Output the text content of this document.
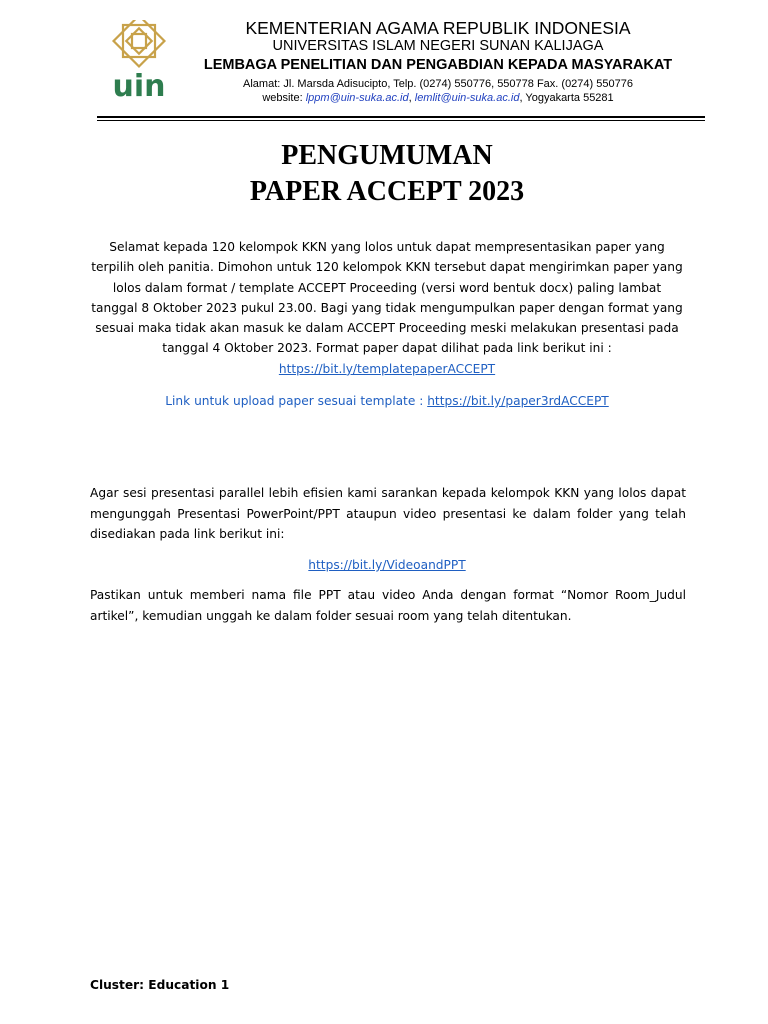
uin
KEMENTERIAN AGAMA REPUBLIK INDONESIA
UNIVERSITAS ISLAM NEGERI SUNAN KALIJAGA
LEMBAGA PENELITIAN DAN PENGABDIAN KEPADA MASYARAKAT
Alamat: Jl. Marsda Adisucipto, Telp. (0274) 550776, 550778 Fax. (0274) 550776
website: lppm@uin-suka.ac.id, lemlit@uin-suka.ac.id, Yogyakarta 55281
PENGUMUMAN
PAPER ACCEPT 2023
Selamat kepada 120 kelompok KKN yang lolos untuk dapat mempresentasikan paper yang
terpilih oleh panitia. Dimohon untuk 120 kelompok KKN tersebut dapat mengirimkan paper yang
lolos dalam format / template ACCEPT Proceeding (versi word bentuk docx) paling lambat
tanggal 8 Oktober 2023 pukul 23.00. Bagi yang tidak mengumpulkan paper dengan format yang
sesuai maka tidak akan masuk ke dalam ACCEPT Proceeding meski melakukan presentasi pada
tanggal 4 Oktober 2023. Format paper dapat dilihat pada link berikut ini :
https://bit.ly/templatepaperACCEPT
Link untuk upload paper sesuai template : https://bit.ly/paper3rdACCEPT
Agar sesi presentasi parallel lebih efisien kami sarankan kepada kelompok KKN yang lolos dapat mengunggah Presentasi PowerPoint/PPT ataupun video presentasi ke dalam folder yang telah disediakan pada link berikut ini:
https://bit.ly/VideoandPPT
Pastikan untuk memberi nama file PPT atau video Anda dengan format “Nomor Room_Judul artikel”, kemudian unggah ke dalam folder sesuai room yang telah ditentukan.
Cluster: Education 1
